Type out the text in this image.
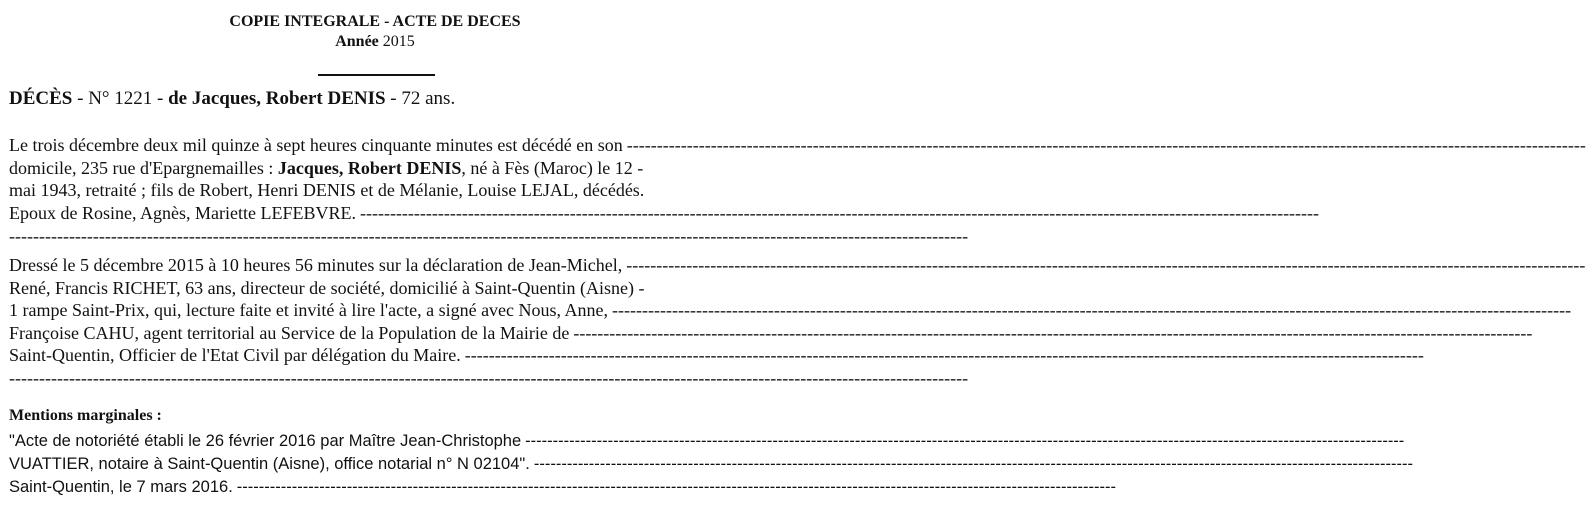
COPIE INTEGRALE - ACTE DE DECES
Année 2015
DÉCÈS - N° 1221 - de Jacques, Robert DENIS - 72 ans.
Le trois décembre deux mil quinze à sept heures cinquante minutes est décédé en son ----------------------------------------------------------------------------------------------------------------------------------------------------------------
domicile, 235 rue d'Epargnemailles : Jacques, Robert DENIS, né à Fès (Maroc) le 12 -
mai 1943, retraité ; fils de Robert, Henri DENIS et de Mélanie, Louise LEJAL, décédés.
Epoux de Rosine, Agnès, Mariette LEFEBVRE. ----------------------------------------------------------------------------------------------------------------------------------------------------------------
----------------------------------------------------------------------------------------------------------------------------------------------------------------
Dressé le 5 décembre 2015 à 10 heures 56 minutes sur la déclaration de Jean-Michel, ----------------------------------------------------------------------------------------------------------------------------------------------------------------
René, Francis RICHET, 63 ans, directeur de société, domicilié à Saint-Quentin (Aisne) -
1 rampe Saint-Prix, qui, lecture faite et invité à lire l'acte, a signé avec Nous, Anne, ----------------------------------------------------------------------------------------------------------------------------------------------------------------
Françoise CAHU, agent territorial au Service de la Population de la Mairie de ----------------------------------------------------------------------------------------------------------------------------------------------------------------
Saint-Quentin, Officier de l'Etat Civil par délégation du Maire. ----------------------------------------------------------------------------------------------------------------------------------------------------------------
----------------------------------------------------------------------------------------------------------------------------------------------------------------
Mentions marginales :
"Acte de notoriété établi le 26 février 2016 par Maître Jean-Christophe ----------------------------------------------------------------------------------------------------------------------------------------------------------------
VUATTIER, notaire à Saint-Quentin (Aisne), office notarial n° N 02104". ----------------------------------------------------------------------------------------------------------------------------------------------------------------
Saint-Quentin, le 7 mars 2016. ----------------------------------------------------------------------------------------------------------------------------------------------------------------
